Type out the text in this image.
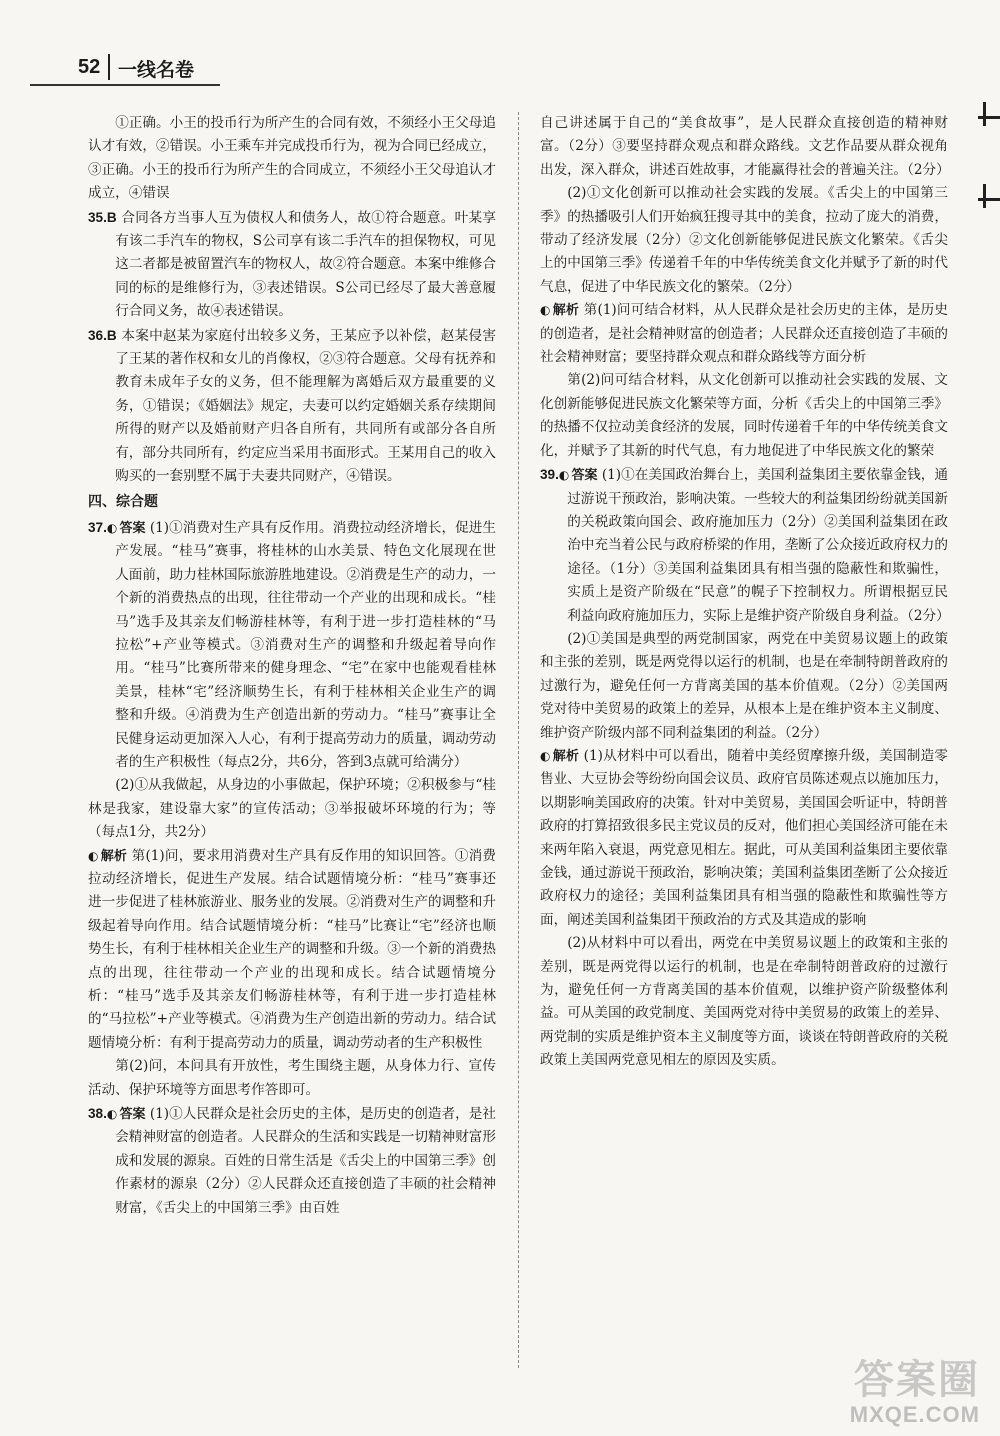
52 一线名卷

①正确。小王的投币行为所产生的合同有效，不须经小王父母追认才有效，②错误。小王乘车并完成投币行为，视为合同已经成立，③正确。小王的投币行为所产生的合同成立，不须经小王父母追认才成立，④错误

35.B 合同各方当事人互为债权人和债务人，故①符合题意。叶某享有该二手汽车的物权，S公司享有该二手汽车的担保物权，可见这二者都是被留置汽车的物权人，故②符合题意。本案中维修合同的标的是维修行为，③表述错误。S公司已经尽了最大善意履行合同义务，故④表述错误。

36.B 本案中赵某为家庭付出较多义务，王某应予以补偿，赵某侵害了王某的著作权和女儿的肖像权，②③符合题意。父母有抚养和教育未成年子女的义务，但不能理解为离婚后双方最重要的义务，①错误；《婚姻法》规定，夫妻可以约定婚姻关系存续期间所得的财产以及婚前财产归各自所有，共同所有或部分各自所有，部分共同所有，约定应当采用书面形式。王某用自己的收入购买的一套别墅不属于夫妻共同财产，④错误。

四、综合题

37. ◐ 答案 (1)①消费对生产具有反作用。消费拉动经济增长，促进生产发展。“桂马”赛事，将桂林的山水美景、特色文化展现在世人面前，助力桂林国际旅游胜地建设。②消费是生产的动力，一个新的消费热点的出现，往往带动一个产业的出现和成长。“桂马”选手及其亲友们畅游桂林等，有利于进一步打造桂林的“马拉松”+产业等模式。③消费对生产的调整和升级起着导向作用。“桂马”比赛所带来的健身理念、“宅”在家中也能观看桂林美景，桂林“宅”经济顺势生长，有利于桂林相关企业生产的调整和升级。④消费为生产创造出新的劳动力。“桂马”赛事让全民健身运动更加深入人心，有利于提高劳动力的质量，调动劳动者的生产积极性（每点2分，共6分，答到3点就可给满分）

(2)①从我做起，从身边的小事做起，保护环境；②积极参与“桂林是我家，建设靠大家”的宣传活动；③举报破坏环境的行为；等（每点1分，共2分）

◐ 解析 第(1)问，要求用消费对生产具有反作用的知识回答。①消费拉动经济增长，促进生产发展。结合试题情境分析：“桂马”赛事还进一步促进了桂林旅游业、服务业的发展。②消费对生产的调整和升级起着导向作用。结合试题情境分析：“桂马”比赛让“宅”经济也顺势生长，有利于桂林相关企业生产的调整和升级。③一个新的消费热点的出现，往往带动一个产业的出现和成长。结合试题情境分析：“桂马”选手及其亲友们畅游桂林等，有利于进一步打造桂林的“马拉松”+产业等模式。④消费为生产创造出新的劳动力。结合试题情境分析：有利于提高劳动力的质量，调动劳动者的生产积极性

第(2)问，本问具有开放性，考生围绕主题，从身体力行、宣传活动、保护环境等方面思考作答即可。

38. ◐ 答案 (1)①人民群众是社会历史的主体，是历史的创造者，是社会精神财富的创造者。人民群众的生活和实践是一切精神财富形成和发展的源泉。百姓的日常生活是《舌尖上的中国第三季》创作素材的源泉（2分）②人民群众还直接创造了丰硕的社会精神财富，《舌尖上的中国第三季》由百姓

自己讲述属于自己的“美食故事”，是人民群众直接创造的精神财富。（2分）③要坚持群众观点和群众路线。文艺作品要从群众视角出发，深入群众，讲述百姓故事，才能赢得社会的普遍关注。（2分）

(2)①文化创新可以推动社会实践的发展。《舌尖上的中国第三季》的热播吸引人们开始疯狂搜寻其中的美食，拉动了庞大的消费，带动了经济发展（2分）②文化创新能够促进民族文化繁荣。《舌尖上的中国第三季》传递着千年的中华传统美食文化并赋予了新的时代气息，促进了中华民族文化的繁荣。（2分）

◐ 解析 第(1)问可结合材料，从人民群众是社会历史的主体，是历史的创造者，是社会精神财富的创造者；人民群众还直接创造了丰硕的社会精神财富；要坚持群众观点和群众路线等方面分析

第(2)问可结合材料，从文化创新可以推动社会实践的发展、文化创新能够促进民族文化繁荣等方面，分析《舌尖上的中国第三季》的热播不仅拉动美食经济的发展，同时传递着千年的中华传统美食文化，并赋予了其新的时代气息，有力地促进了中华民族文化的繁荣

39. ◐ 答案 (1)①在美国政治舞台上，美国利益集团主要依靠金钱，通过游说干预政治，影响决策。一些较大的利益集团纷纷就美国新的关税政策向国会、政府施加压力（2分）②美国利益集团在政治中充当着公民与政府桥梁的作用，垄断了公众接近政府权力的途径。（1分）③美国利益集团具有相当强的隐蔽性和欺骗性，实质上是资产阶级在“民意”的幌子下控制权力。所谓根据豆民利益向政府施加压力，实际上是维护资产阶级自身利益。（2分）

(2)①美国是典型的两党制国家，两党在中美贸易议题上的政策和主张的差别，既是两党得以运行的机制，也是在牵制特朗普政府的过激行为，避免任何一方背离美国的基本价值观。（2分）②美国两党对待中美贸易的政策上的差异，从根本上是在维护资本主义制度、维护资产阶级内部不同利益集团的利益。（2分）

◐ 解析 (1)从材料中可以看出，随着中美经贸摩擦升级，美国制造零售业、大豆协会等纷纷向国会议员、政府官员陈述观点以施加压力，以期影响美国政府的决策。针对中美贸易，美国国会听证中，特朗普政府的打算招致很多民主党议员的反对，他们担心美国经济可能在未来两年陷入衰退，两党意见相左。据此，可从美国利益集团主要依靠金钱，通过游说干预政治，影响决策；美国利益集团垄断了公众接近政府权力的途径；美国利益集团具有相当强的隐蔽性和欺骗性等方面，阐述美国利益集团干预政治的方式及其造成的影响

(2)从材料中可以看出，两党在中美贸易议题上的政策和主张的差别，既是两党得以运行的机制，也是在牵制特朗普政府的过激行为，避免任何一方背离美国的基本价值观，以维护资产阶级整体利益。可从美国的政党制度、美国两党对待中美贸易的政策上的差异、两党制的实质是维护资本主义制度等方面，谈谈在特朗普政府的关税政策上美国两党意见相左的原因及实质。

答案圈
MXQE.COM
